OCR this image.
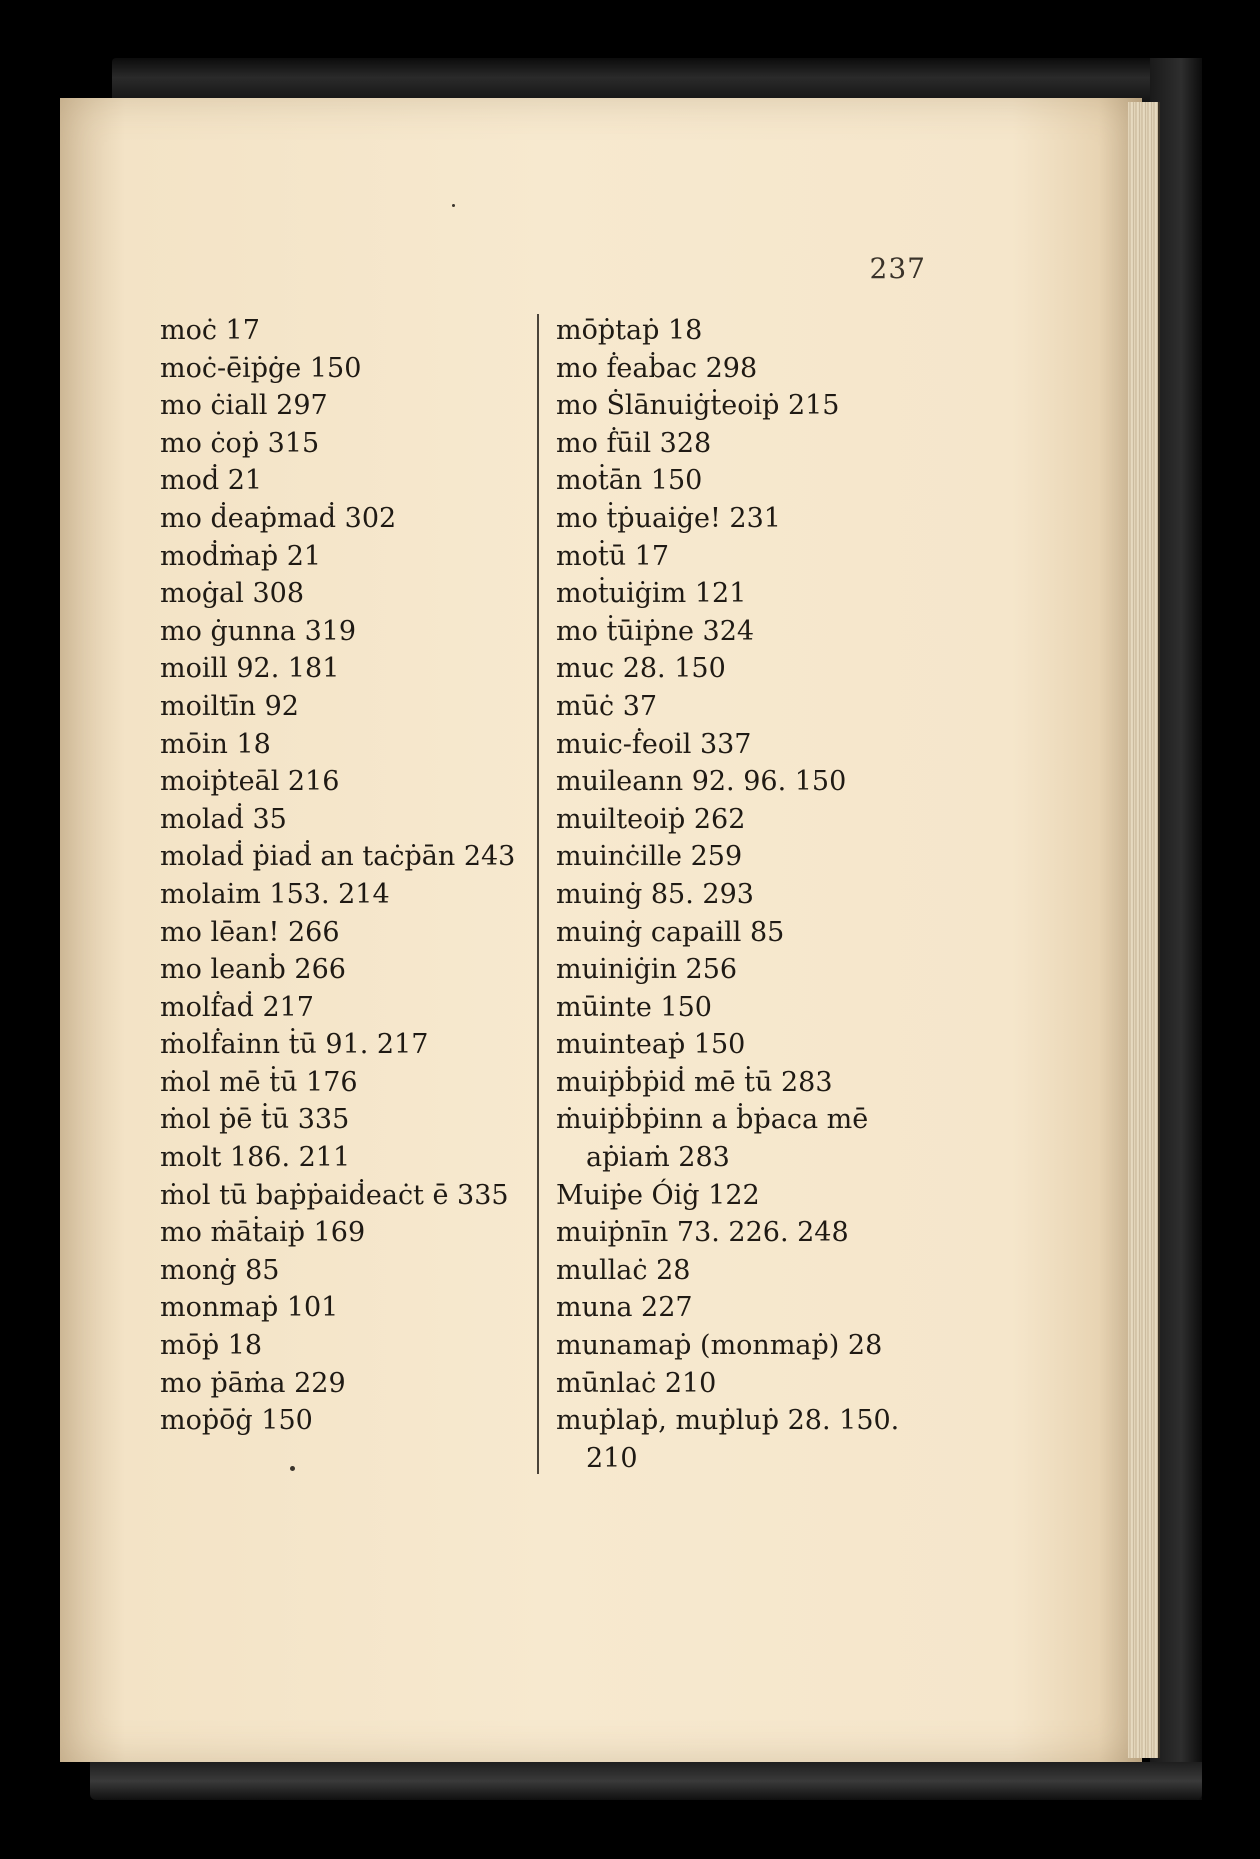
237
moċ 17
moċ-ēiṗġe 150
mo ċiall 297
mo ċoṗ 315
moḋ 21
mo ḋeaṗmaḋ 302
moḋṁaṗ 21
moġal 308
mo ġunna 319
moill 92. 181
moiltīn 92
mōin 18
moiṗteāl 216
molaḋ 35
molaḋ ṗiaḋ an taċṗān 243
molaim 153. 214
mo lēan! 266
mo leanḃ 266
molḟaḋ 217
ṁolḟainn ṫū 91. 217
ṁol mē ṫū 176
ṁol ṗē ṫū 335
molt 186. 211
ṁol tū baṗṗaiḋeaċt ē 335
mo ṁāṫaiṗ 169
monġ 85
monmaṗ 101
mōṗ 18
mo ṗāṁa 229
moṗōġ 150
mōṗtaṗ 18
mo ḟeaḃac 298
mo Ṡlānuiġṫeoiṗ 215
mo ḟūil 328
moṫān 150
mo ṫṗuaiġe! 231
moṫū 17
moṫuiġim 121
mo ṫūiṗne 324
muc 28. 150
mūċ 37
muic-ḟeoil 337
muileann 92. 96. 150
muilteoiṗ 262
muinċille 259
muinġ 85. 293
muinġ capaill 85
muiniġin 256
mūinte 150
muinteaṗ 150
muiṗḃṗiḋ mē ṫū 283
ṁuiṗḃṗinn a ḃṗaca mē aṗiaṁ 283
Muiṗe Óiġ 122
muiṗnīn 73. 226. 248
mullaċ 28
muna 227
munamaṗ (monmaṗ) 28
mūnlaċ 210
muṗlaṗ, muṗluṗ 28. 150. 210
